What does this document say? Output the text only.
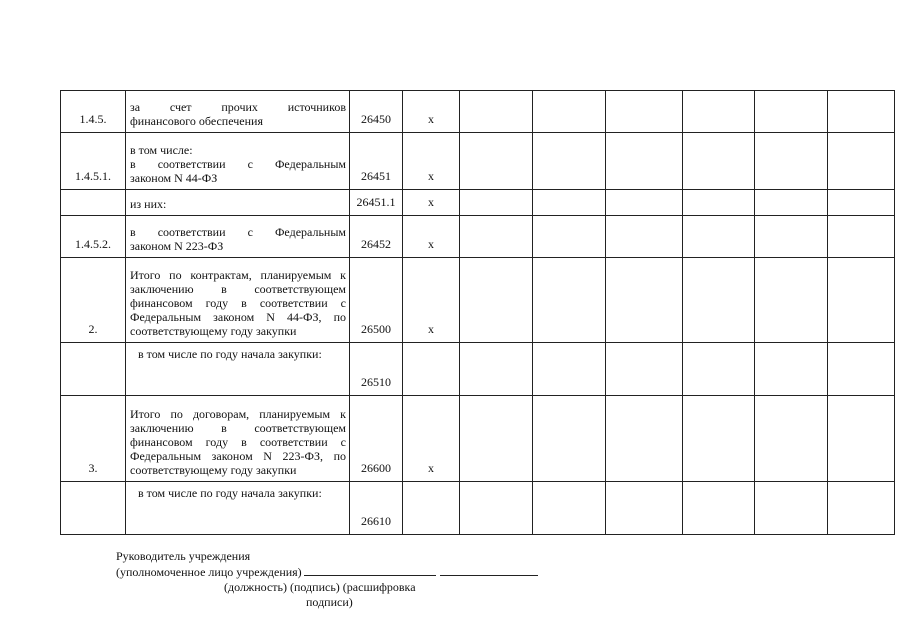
1.4.5.	за счет прочих источников
финансового обеспечения	26450	x						
1.4.5.1.	в том числе:
в соответствии с Федеральным
законом N 44-ФЗ	26451	x						

	из них:	26451.1	x						
1.4.5.2.	в соответствии с Федеральным
законом N 223-ФЗ	26452	x						
2.	Итого по контрактам, планируемым к
заключению в соответствующем
финансовом году в соответствии с
Федеральным законом N 44-ФЗ, по
соответствующему году закупки	26500	x						

	в том числе по году начала закупки:	26510							
3.	Итого по договорам, планируемым к
заключению в соответствующем
финансовом году в соответствии с
Федеральным законом N 223-ФЗ, по
соответствующему году закупки	26600	x						

	в том числе по году начала закупки:	26610							
Руководитель учреждения
(уполномоченное лицо учреждения)
(должность) (подпись) (расшифровка
подписи)
